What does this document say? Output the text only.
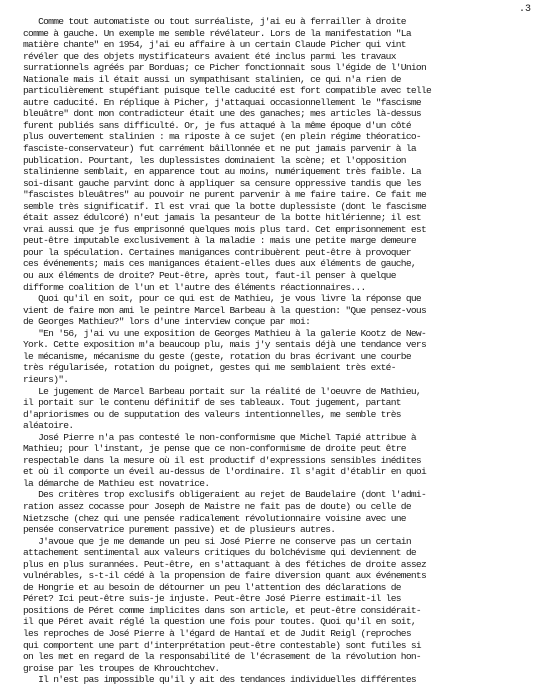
.3
Comme tout automatiste ou tout surréaliste, j'ai eu à ferrailler à droite
comme à gauche. Un exemple me semble révélateur. Lors de la manifestation "La
matière chante" en 1954, j'ai eu affaire à un certain Claude Picher qui vint
révéler que des objets mystificateurs avaient été inclus parmi les travaux
surrationnels agréés par Borduas; ce Picher fonctionnait sous l'égide de l'Union
Nationale mais il était aussi un sympathisant stalinien, ce qui n'a rien de
particulièrement stupéfiant puisque telle caducité est fort compatible avec telle
autre caducité. En réplique à Picher, j'attaquai occasionnellement le "fascisme
bleuâtre" dont mon contradicteur était une des ganaches; mes articles là-dessus
furent publiés sans difficulté. Or, je fus attaqué à la même époque d'un côté
plus ouvertement stalinien : ma riposte à ce sujet (en plein régime théoratico-
fasciste-conservateur) fut carrément bâillonnée et ne put jamais parvenir à la
publication. Pourtant, les duplessistes dominaient la scène; et l'opposition
stalinienne semblait, en apparence tout au moins, numériquement très faible. La
soi-disant gauche parvint donc à appliquer sa censure oppressive tandis que les
"fascistes bleuâtres" au pouvoir ne purent parvenir à me faire taire. Ce fait me
semble très significatif. Il est vrai que la botte duplessiste (dont le fascisme
était assez édulcoré) n'eut jamais la pesanteur de la botte hitlérienne; il est
vrai aussi que je fus emprisonné quelques mois plus tard. Cet emprisonnement est
peut-être imputable exclusivement à la maladie : mais une petite marge demeure
pour la spéculation. Certaines manigances contribuèrent peut-être à provoquer
ces événements; mais ces manigances étaient-elles dues aux éléments de gauche,
ou aux éléments de droite? Peut-être, après tout, faut-il penser à quelque
difforme coalition de l'un et l'autre des éléments réactionnaires...
Quoi qu'il en soit, pour ce qui est de Mathieu, je vous livre la réponse que
vient de faire mon ami le peintre Marcel Barbeau à la question: "Que pensez-vous
de Georges Mathieu?" lors d'une interview conçue par moi:
"En '56, j'ai vu une exposition de Georges Mathieu à la galerie Kootz de New-
York. Cette exposition m'a beaucoup plu, mais j'y sentais déjà une tendance vers
le mécanisme, mécanisme du geste (geste, rotation du bras écrivant une courbe
très régularisée, rotation du poignet, gestes qui me semblaient très exté-
rieurs)".
Le jugement de Marcel Barbeau portait sur la réalité de l'oeuvre de Mathieu,
il portait sur le contenu définitif de ses tableaux. Tout jugement, partant
d'apriorismes ou de supputation des valeurs intentionnelles, me semble très
aléatoire.
José Pierre n'a pas contesté le non-conformisme que Michel Tapié attribue à
Mathieu; pour l'instant, je pense que ce non-conformisme de droite peut être
respectable dans la mesure où il est productif d'expressions sensibles inédites
et où il comporte un éveil au-dessus de l'ordinaire. Il s'agit d'établir en quoi
la démarche de Mathieu est novatrice.
Des critères trop exclusifs obligeraient au rejet de Baudelaire (dont l'admi-
ration assez cocasse pour Joseph de Maistre ne fait pas de doute) ou celle de
Nietzsche (chez qui une pensée radicalement révolutionnaire voisine avec une
pensée conservatrice purement passive) et de plusieurs autres.
J'avoue que je me demande un peu si José Pierre ne conserve pas un certain
attachement sentimental aux valeurs critiques du bolchévisme qui deviennent de
plus en plus surannées. Peut-être, en s'attaquant à des fétiches de droite assez
vulnérables, s-t-il cédé à la propension de faire diversion quant aux événements
de Hongrie et au besoin de détourner un peu l'attention des déclarations de
Péret? Ici peut-être suis-je injuste. Peut-être José Pierre estimait-il les
positions de Péret comme implicites dans son article, et peut-être considérait-
il que Péret avait réglé la question une fois pour toutes. Quoi qu'il en soit,
les reproches de José Pierre à l'égard de Hantaï et de Judit Reigl (reproches
qui comportent une part d'interprétation peut-être contestable) sont futiles si
on les met en regard de la responsabilité de l'écrasement de la révolution hon-
groise par les troupes de Khrouchtchev.
Il n'est pas impossible qu'il y ait des tendances individuelles différentes
